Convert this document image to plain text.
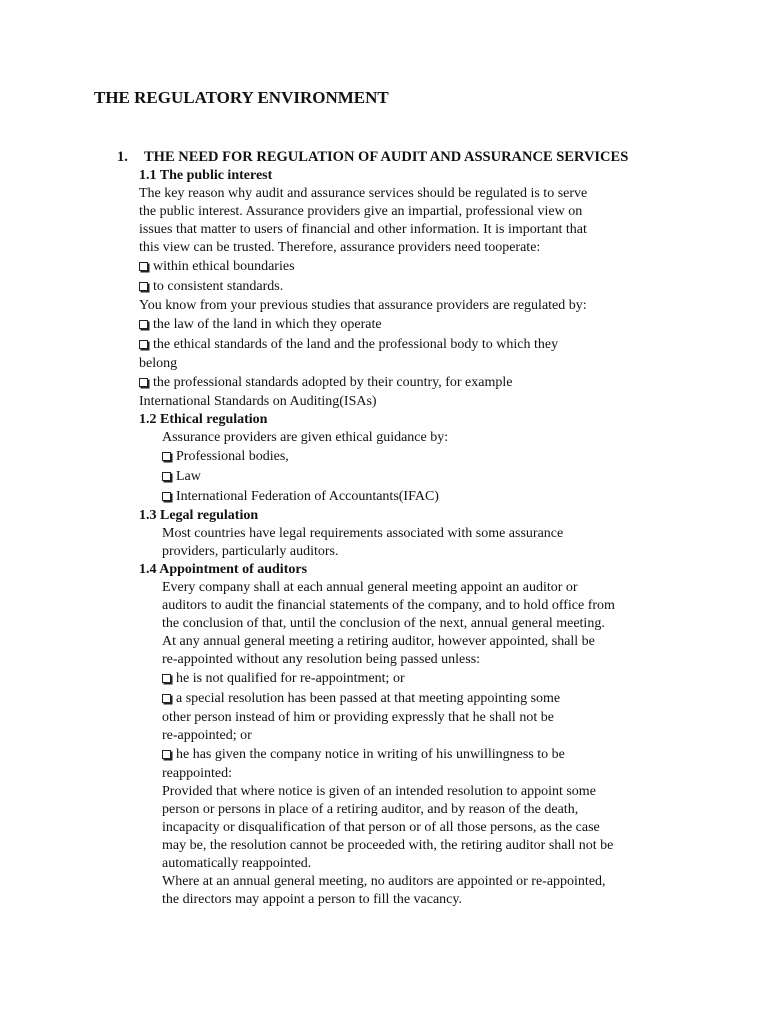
THE REGULATORY ENVIRONMENT
1. THE NEED FOR REGULATION OF AUDIT AND ASSURANCE SERVICES
1.1 The public interest
The key reason why audit and assurance services should be regulated is to serve
the public interest. Assurance providers give an impartial, professional view on
issues that matter to users of financial and other information. It is important that
this view can be trusted. Therefore, assurance providers need tooperate:
within ethical boundaries
to consistent standards.
You know from your previous studies that assurance providers are regulated by:
the law of the land in which they operate
the ethical standards of the land and the professional body to which they
belong
the professional standards adopted by their country, for example
International Standards on Auditing(ISAs)
1.2 Ethical regulation
Assurance providers are given ethical guidance by:
Professional bodies,
Law
International Federation of Accountants(IFAC)
1.3 Legal regulation
Most countries have legal requirements associated with some assurance
providers, particularly auditors.
1.4 Appointment of auditors
Every company shall at each annual general meeting appoint an auditor or
auditors to audit the financial statements of the company, and to hold office from
the conclusion of that, until the conclusion of the next, annual general meeting.
At any annual general meeting a retiring auditor, however appointed, shall be
re-appointed without any resolution being passed unless:
he is not qualified for re-appointment; or
a special resolution has been passed at that meeting appointing some
other person instead of him or providing expressly that he shall not be
re-appointed; or
he has given the company notice in writing of his unwillingness to be
reappointed:
Provided that where notice is given of an intended resolution to appoint some
person or persons in place of a retiring auditor, and by reason of the death,
incapacity or disqualification of that person or of all those persons, as the case
may be, the resolution cannot be proceeded with, the retiring auditor shall not be
automatically reappointed.
Where at an annual general meeting, no auditors are appointed or re-appointed,
the directors may appoint a person to fill the vacancy.
